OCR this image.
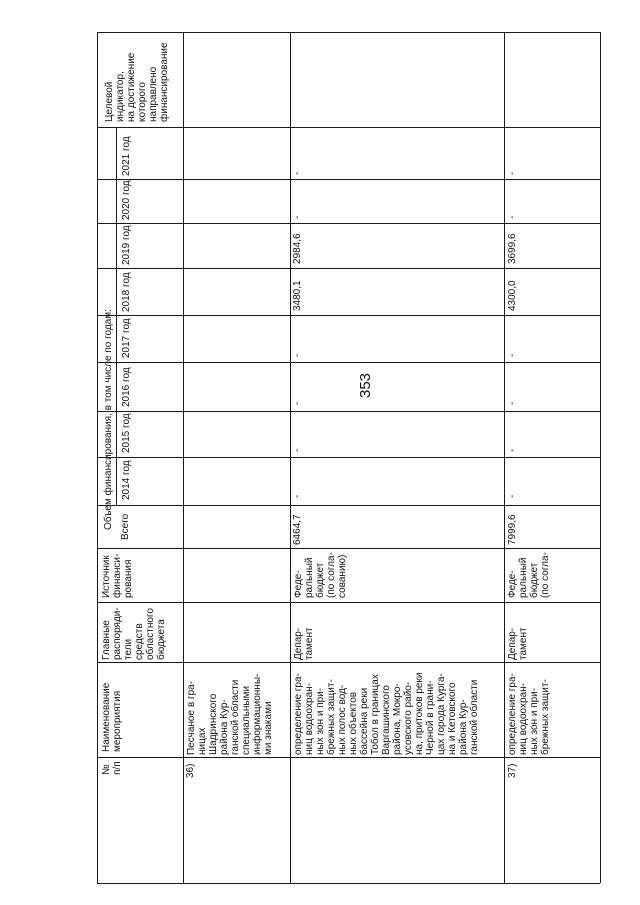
353
№ п/п
Наименование мероприятия
Главные распоряди- тели средств областного бюджета
Источник финанси- рования
Объем финансирования, в том числе по годам: Всего
2014 год
2015 год
2016 год
2017 год
2018 год
2019 год
2020 год
2021 год
Целевой индикатор, на достижение которого направлено финансирование
Песчаное в гра- ницах Шадринского района Кур- ганской области специальными информационны- ми знаками
36)
определение гра- ниц водоохран- ных зон и при- брежных защит- ных полос вод- ных объектов бассейна реки Тобол в границах Варгашинского района, Мокро- усовского райо- на, притоков реки Черной в грани- цах города Курга- на и Кетовского района Кур- ганской области
Депар- тамент
Феде- ральный бюджет (по согла- сованию)
6464,7
-
-
-
-
3480,1
2984,6
-
-
37)
определение гра- ниц водоохран- ных зон и при- брежных защит-
Депар- тамент
Феде- ральный бюджет (по согла-
7999,6
-
-
-
-
4300,0
3699,6
-
-
